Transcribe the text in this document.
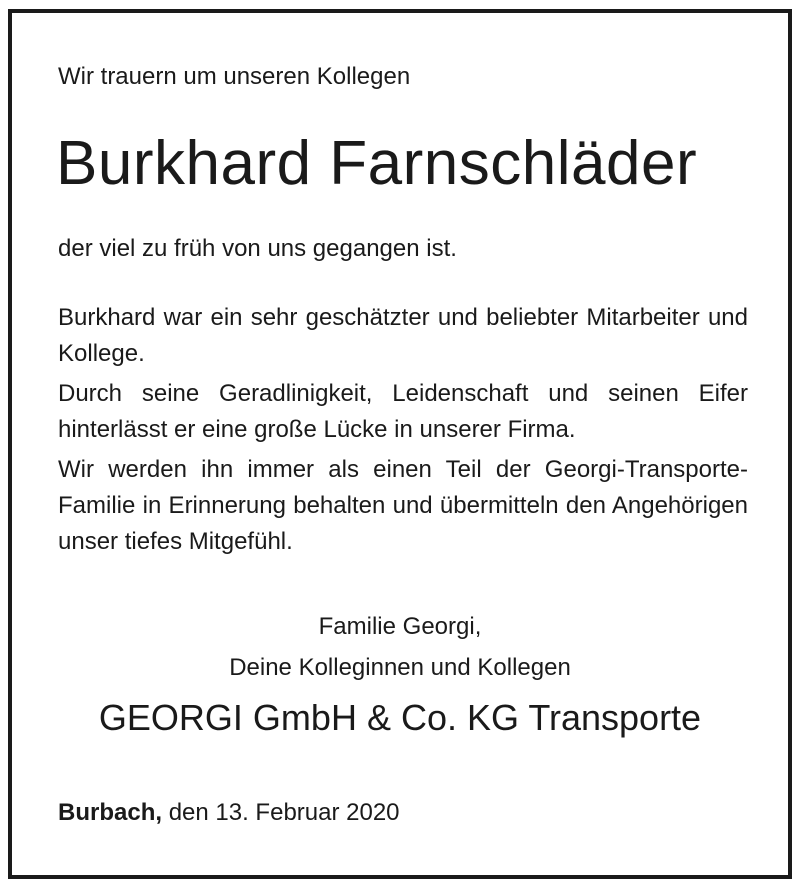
Wir trauern um unseren Kollegen
Burkhard Farnschläder
der viel zu früh von uns gegangen ist.

Burkhard war ein sehr geschätzter und beliebter Mitarbeiter und Kollege.

Durch seine Geradlinigkeit, Leidenschaft und seinen Eifer hinterlässt er eine große Lücke in unserer Firma.

Wir werden ihn immer als einen Teil der Georgi-Transporte-Familie in Erinnerung behalten und übermitteln den Angehörigen unser tiefes Mitgefühl.

Familie Georgi,
Deine Kolleginnen und Kollegen
GEORGI GmbH & Co. KG Transporte
Burbach, den 13. Februar 2020
